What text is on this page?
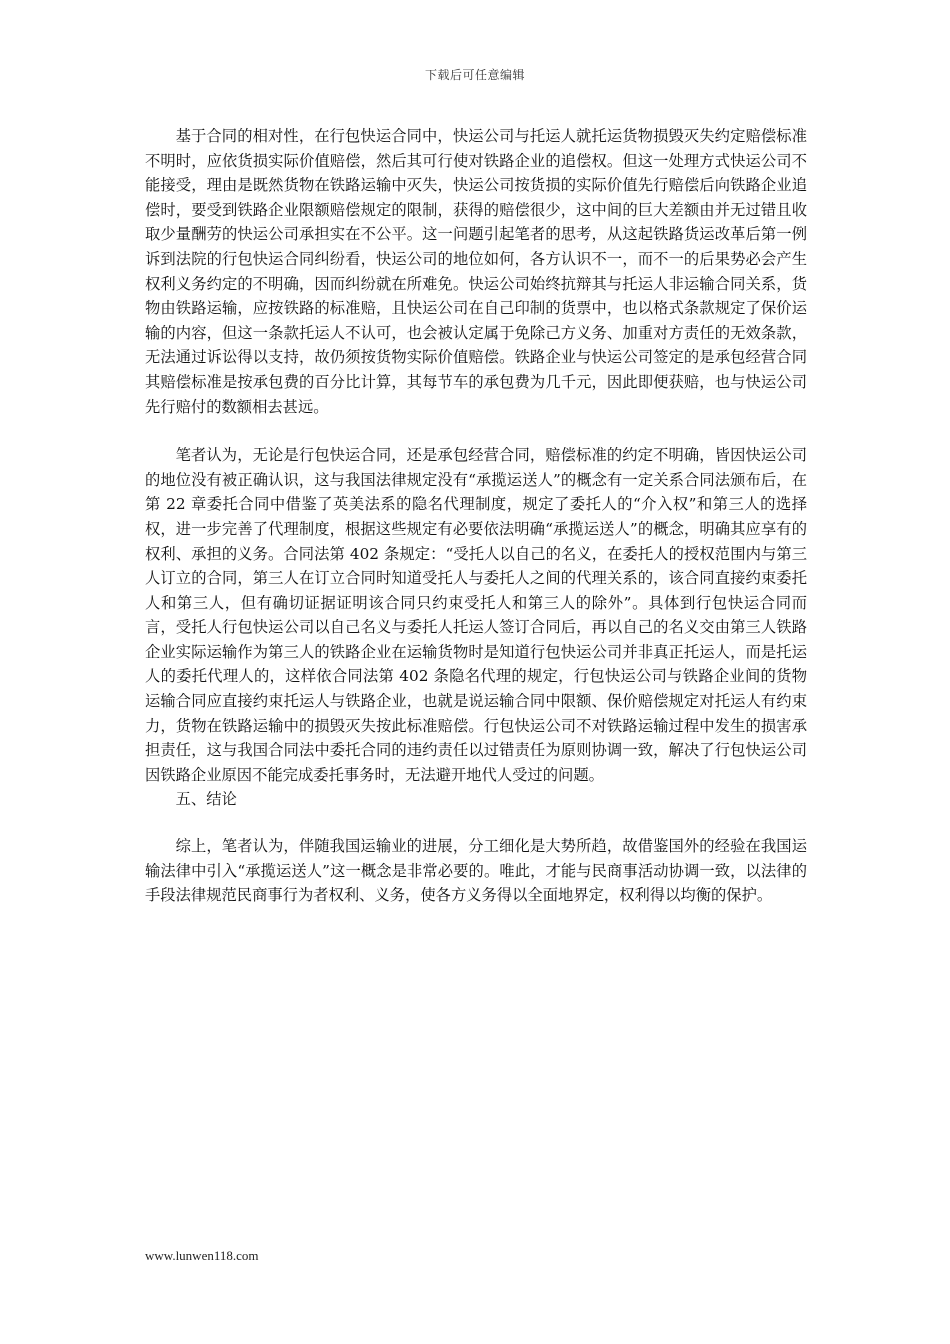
下载后可任意编辑

基于合同的相对性，在行包快运合同中，快运公司与托运人就托运货物损毁灭失约定赔偿标准不明时，应依货损实际价值赔偿，然后其可行使对铁路企业的追偿权。但这一处理方式快运公司不能接受，理由是既然货物在铁路运输中灭失，快运公司按货损的实际价值先行赔偿后向铁路企业追偿时，要受到铁路企业限额赔偿规定的限制，获得的赔偿很少，这中间的巨大差额由并无过错且收取少量酬劳的快运公司承担实在不公平。这一问题引起笔者的思考，从这起铁路货运改革后第一例诉到法院的行包快运合同纠纷看，快运公司的地位如何，各方认识不一，而不一的后果势必会产生权利义务约定的不明确，因而纠纷就在所难免。快运公司始终抗辩其与托运人非运输合同关系，货物由铁路运输，应按铁路的标准赔，且快运公司在自己印制的货票中，也以格式条款规定了保价运输的内容，但这一条款托运人不认可，也会被认定属于免除己方义务、加重对方责任的无效条款，无法通过诉讼得以支持，故仍须按货物实际价值赔偿。铁路企业与快运公司签定的是承包经营合同其赔偿标准是按承包费的百分比计算，其每节车的承包费为几千元，因此即便获赔，也与快运公司先行赔付的数额相去甚远。

笔者认为，无论是行包快运合同，还是承包经营合同，赔偿标准的约定不明确，皆因快运公司的地位没有被正确认识，这与我国法律规定没有“承揽运送人”的概念有一定关系合同法颁布后，在第 22 章委托合同中借鉴了英美法系的隐名代理制度，规定了委托人的“介入权”和第三人的选择权，进一步完善了代理制度，根据这些规定有必要依法明确“承揽运送人”的概念，明确其应享有的权利、承担的义务。合同法第 402 条规定：“受托人以自己的名义，在委托人的授权范围内与第三人订立的合同，第三人在订立合同时知道受托人与委托人之间的代理关系的，该合同直接约束委托人和第三人，但有确切证据证明该合同只约束受托人和第三人的除外”。具体到行包快运合同而言，受托人行包快运公司以自己名义与委托人托运人签订合同后，再以自己的名义交由第三人铁路企业实际运输作为第三人的铁路企业在运输货物时是知道行包快运公司并非真正托运人，而是托运人的委托代理人的，这样依合同法第 402 条隐名代理的规定，行包快运公司与铁路企业间的货物运输合同应直接约束托运人与铁路企业，也就是说运输合同中限额、保价赔偿规定对托运人有约束力，货物在铁路运输中的损毁灭失按此标准赔偿。行包快运公司不对铁路运输过程中发生的损害承担责任，这与我国合同法中委托合同的违约责任以过错责任为原则协调一致，解决了行包快运公司因铁路企业原因不能完成委托事务时，无法避开地代人受过的问题。

五、结论

综上，笔者认为，伴随我国运输业的进展，分工细化是大势所趋，故借鉴国外的经验在我国运输法律中引入“承揽运送人”这一概念是非常必要的。唯此，才能与民商事活动协调一致，以法律的手段法律规范民商事行为者权利、义务，使各方义务得以全面地界定，权利得以均衡的保护。

www.lunwen118.com
